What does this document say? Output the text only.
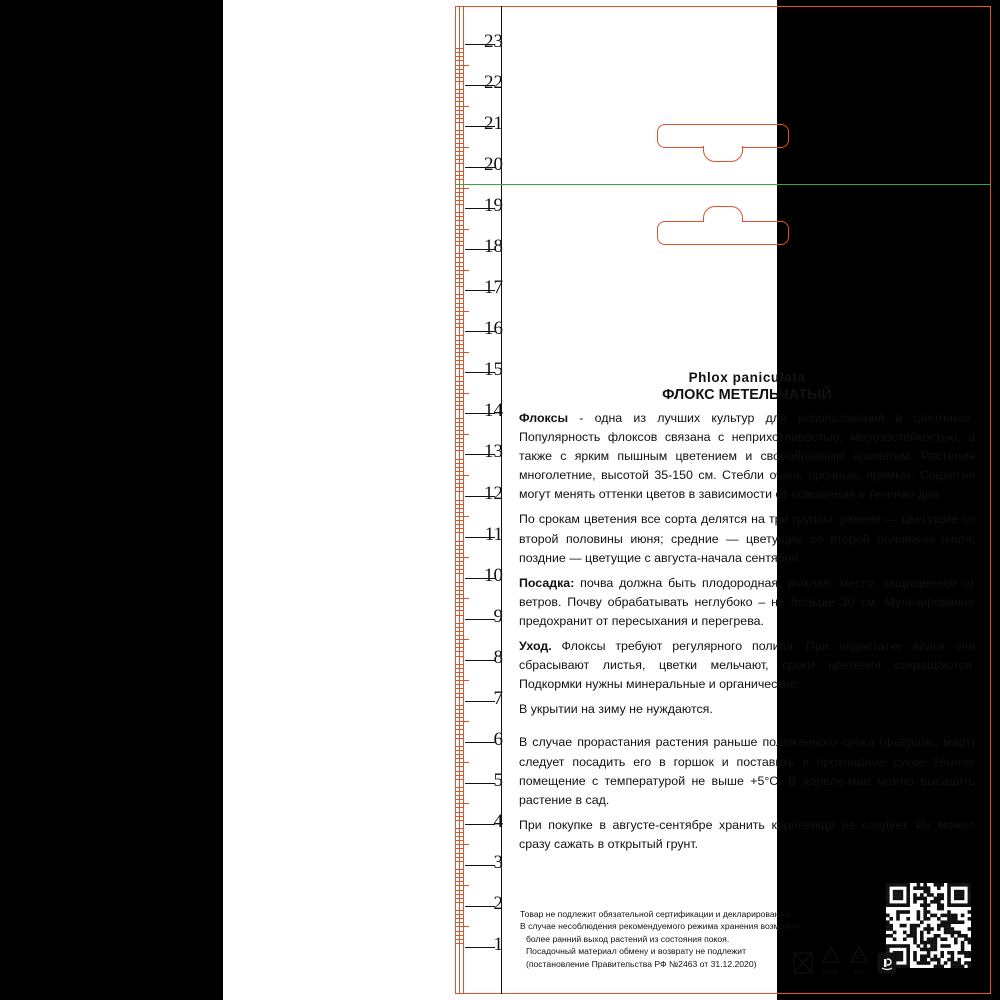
23
22
21
20
19
18
17
16
15
14
13
12
11
10
9
8
7
6
5
4
3
2
1
Phlox paniculata
ФЛОКС МЕТЕЛЬЧАТЫЙ
Флоксы - одна из лучших культур для использования в цветниках. Популярность флоксов связана с неприхотливостью, морозостойкостью, а также с ярким пышным цветением и своеобразным ароматом. Растения многолетние, высотой 35-150 см. Стебли очень прочные, прямые. Соцветия могут менять оттенки цветов в зависимости от освещения в течение дня.
По срокам цветения все сорта делятся на три группы: ранние — цветущие со второй половины июня; средние — цветущие со второй половины июля; поздние — цветущие с августа-начала сентября.
Посадка: почва должна быть плодородная, рыхлая, место, защищенное от ветров. Почву обрабатывать неглубоко – не больше 30 см. Мульчирование предохранит от пересыхания и перегрева.
Уход. Флоксы требуют регулярного полива. При недостатке влаги они сбрасывают листья, цветки мельчают, сроки цветения сокращаются. Подкормки нужны минеральные и органические.
В укрытии на зиму не нуждаются.
В случае прорастания растения раньше положенного срока (февраль, март) следует посадить его в горшок и поставить в прохладное сухое тёмное помещение с температурой не выше +5°С. В апреле-мае можно высадить растение в сад.
При покупке в августе-сентябре хранить корневища не следует. Их можно сразу сажать в открытый грунт.

Товар не подлежит обязательной сертификации и декларированию.

В случае несоблюдения рекомендуемого режима хранения возможен

более ранний выход растений из состояния покоя.

Посадочный материал обмену и возврату не подлежит

(постановление Правительства РФ №2463 от 31.12.2020)

2
HDPE
21
PAP
